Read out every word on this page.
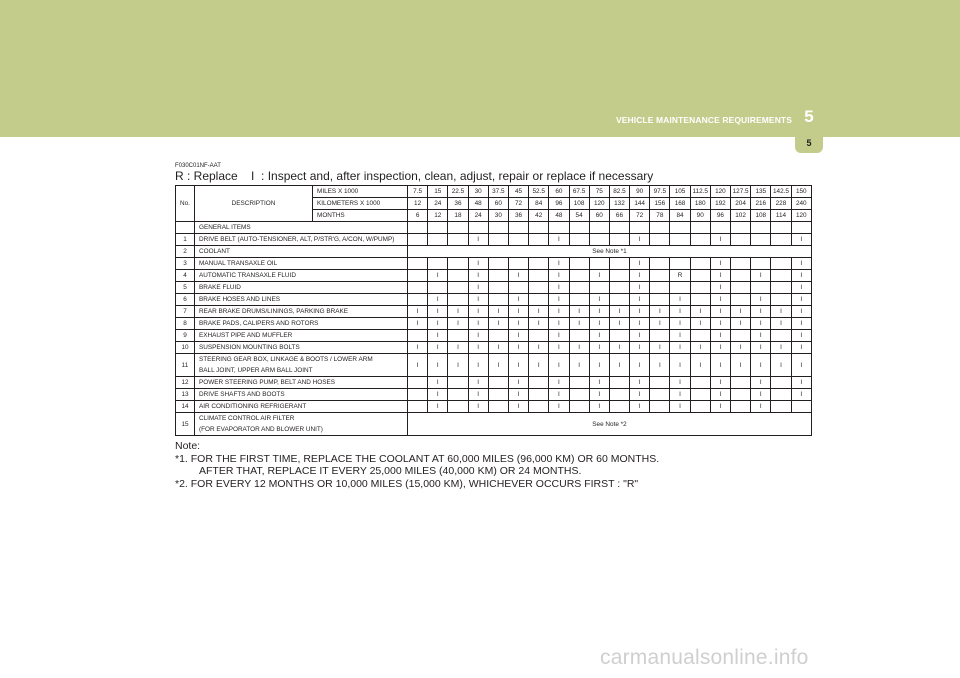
VEHICLE MAINTENANCE REQUIREMENTS 5
5
F030C01NF-AAT
R : Replace    I  : Inspect and, after inspection, clean, adjust, repair or replace if necessary
No.	DESCRIPTION	MILES X 1000	7.5	15	22.5	30	37.5	45	52.5	60	67.5	75	82.5	90	97.5	105	112.5	120	127.5	135	142.5	150
		KILOMETERS X 1000	12	24	36	48	60	72	84	96	108	120	132	144	156	168	180	192	204	216	228	240
		MONTHS	6	12	18	24	30	36	42	48	54	60	66	72	78	84	90	96	102	108	114	120
	GENERAL ITEMS																					
1	DRIVE BELT (AUTO-TENSIONER, ALT, P/STR'G, A/CON, W/PUMP)					I				I				I				I				I
2	COOLANT		See Note *1																			
3	MANUAL TRANSAXLE OIL					I				I				I				I				I
4	AUTOMATIC TRANSAXLE FLUID			I		I		I		I		I		I		R		I		I		I
5	BRAKE FLUID					I				I				I				I				I
6	BRAKE HOSES AND LINES			I		I		I		I		I		I		I		I		I		I
7	REAR BRAKE DRUMS/LININGS, PARKING BRAKE		I	I	I	I	I	I	I	I	I	I	I	I	I	I	I	I	I	I	I	I
8	BRAKE PADS, CALIPERS AND ROTORS		I	I	I	I	I	I	I	I	I	I	I	I	I	I	I	I	I	I	I	I
9	EXHAUST PIPE AND MUFFLER			I		I		I		I		I		I		I		I		I		I
10	SUSPENSION MOUNTING BOLTS		I	I	I	I	I	I	I	I	I	I	I	I	I	I	I	I	I	I	I	I
11	STEERING GEAR BOX, LINKAGE & BOOTS / LOWER ARM
BALL JOINT, UPPER ARM BALL JOINT		I	I	I	I	I	I	I	I	I	I	I	I	I	I	I	I	I	I	I	I
12	POWER STEERING PUMP, BELT AND HOSES			I		I		I		I		I		I		I		I		I		I
13	DRIVE SHAFTS AND BOOTS			I		I		I		I		I		I		I		I		I		I
14	AIR CONDITIONING REFRIGERANT			I		I		I		I		I		I		I		I		I		
15	CLIMATE CONTROL AIR FILTER
(FOR EVAPORATOR AND BLOWER UNIT)		See Note *2																			
Note:
*1. FOR THE FIRST TIME, REPLACE THE COOLANT AT 60,000 MILES (96,000 KM) OR 60 MONTHS.
AFTER THAT, REPLACE IT EVERY 25,000 MILES (40,000 KM) OR 24 MONTHS.
*2. FOR EVERY 12 MONTHS OR 10,000 MILES (15,000 KM), WHICHEVER OCCURS FIRST : "R"
carmanualsonline.info
